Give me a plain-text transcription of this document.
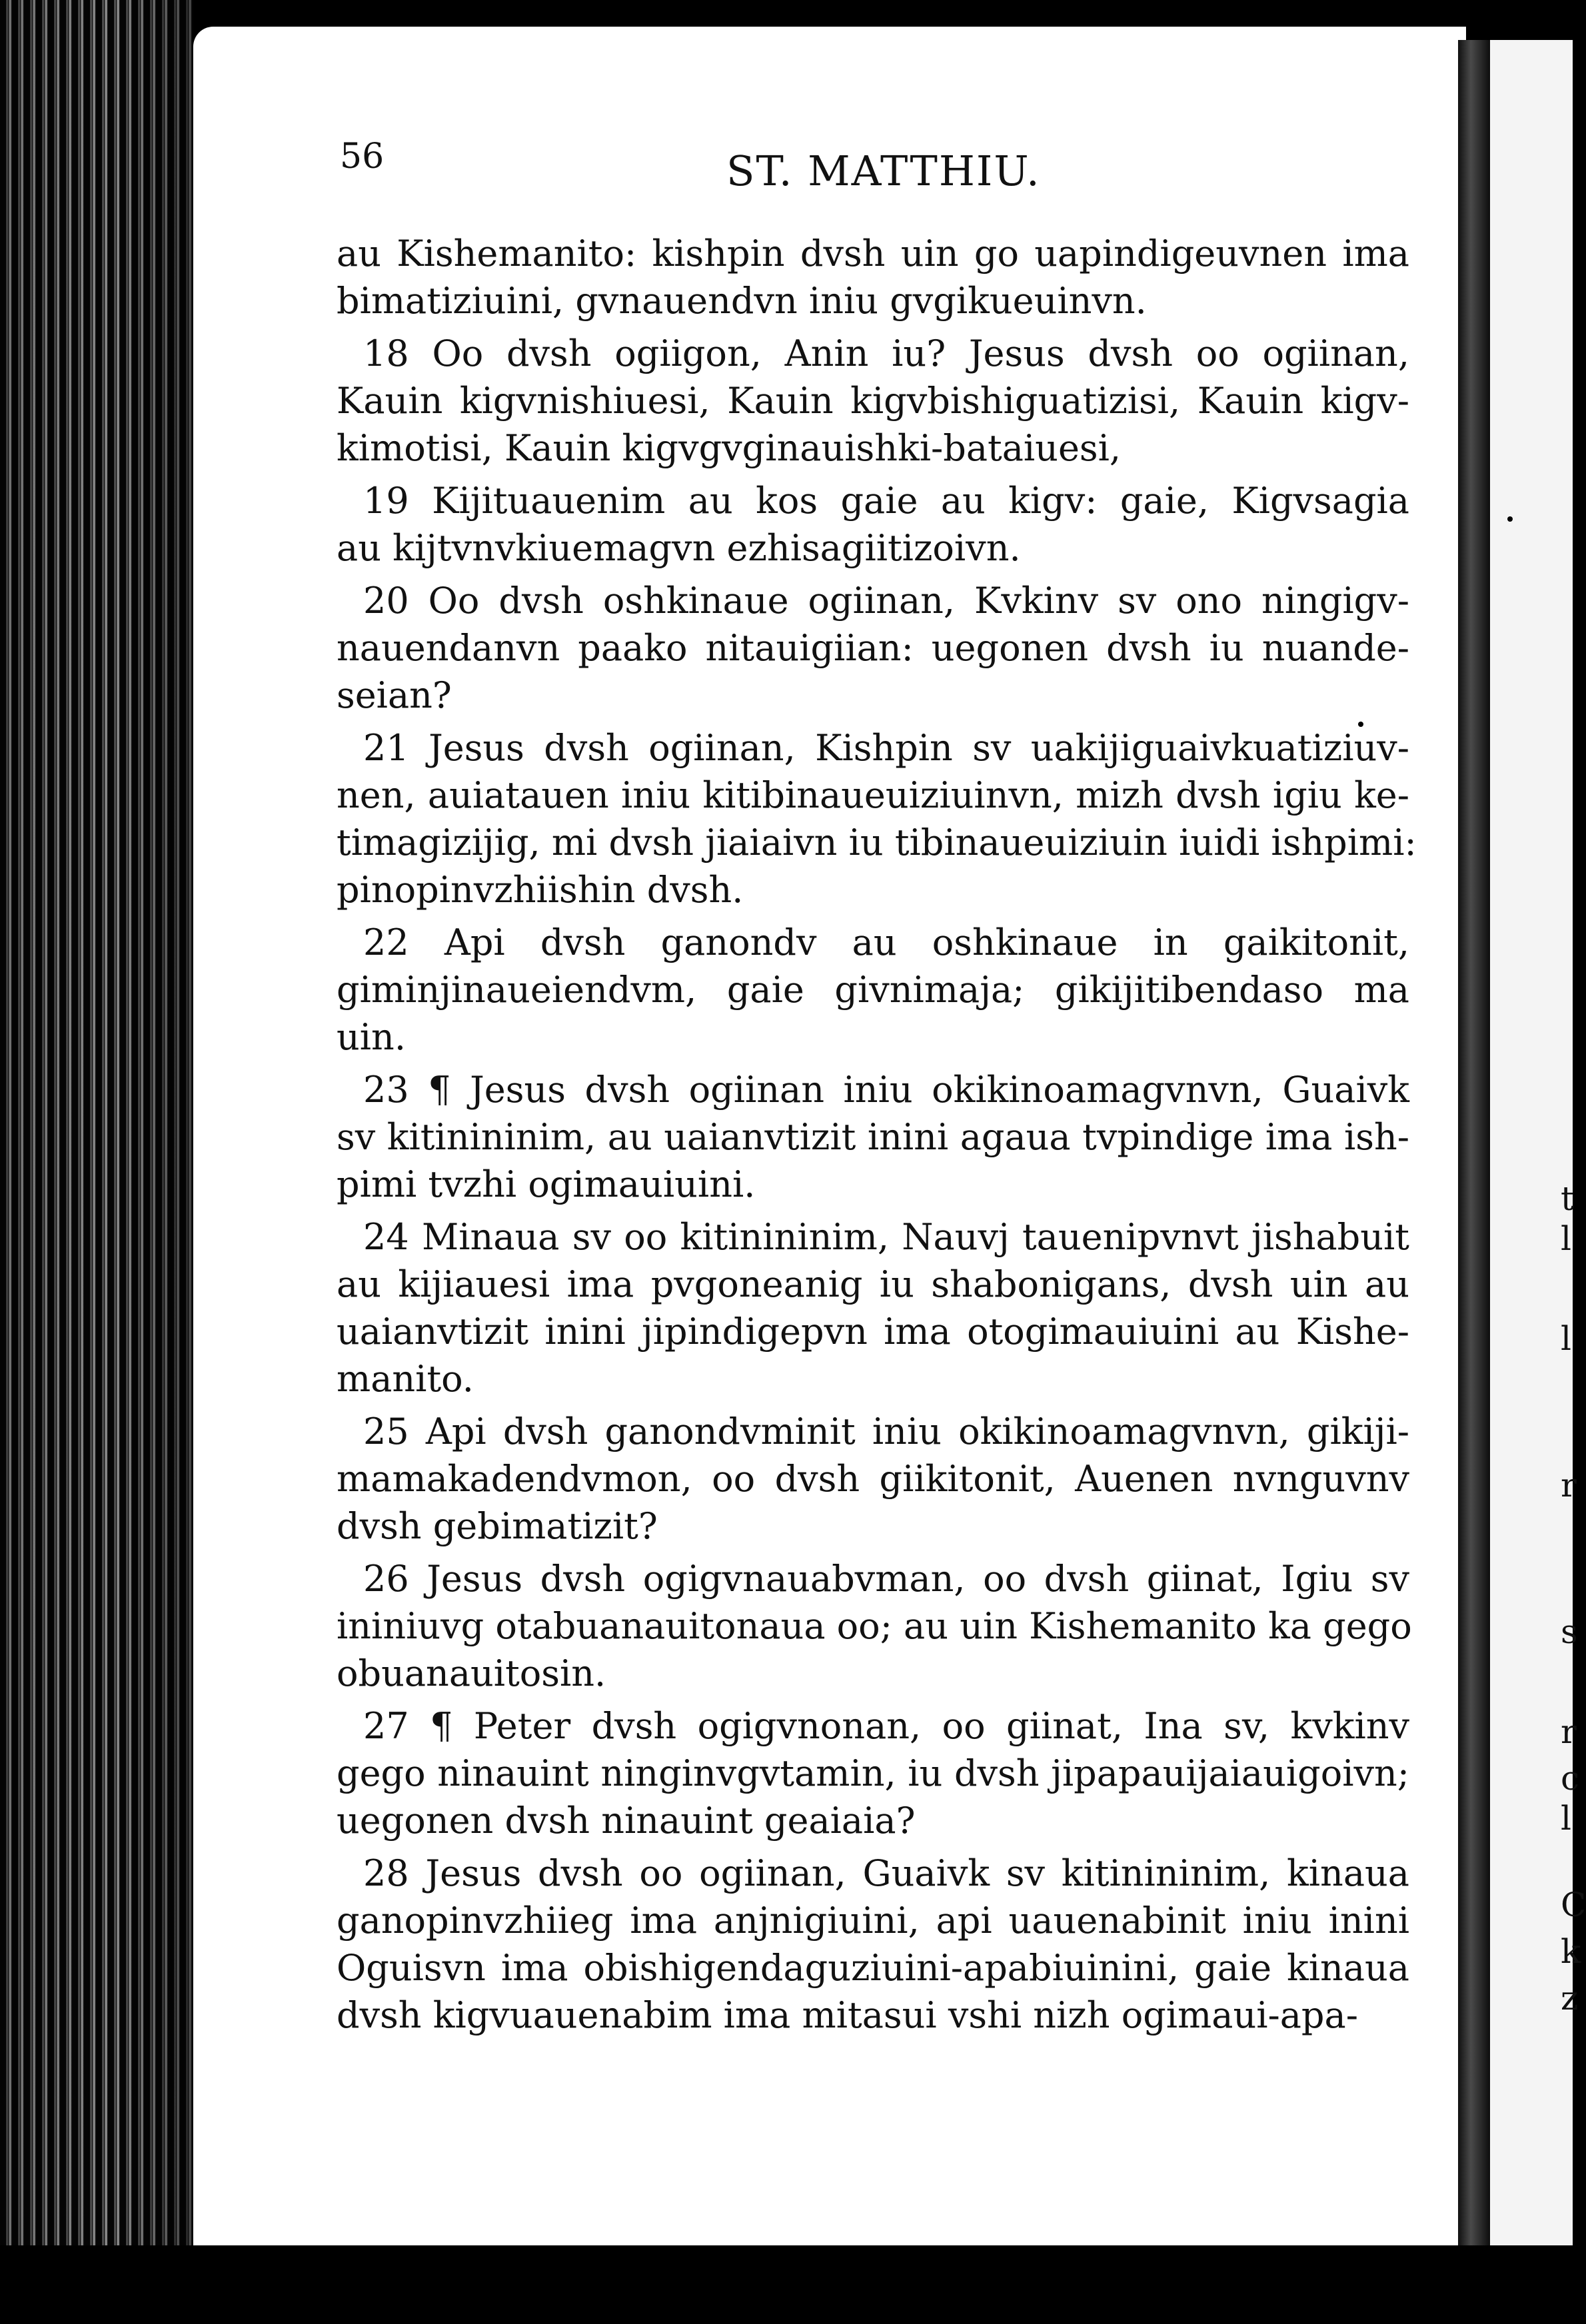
56	ST. MATTHIU.
au Kishemanito: kishpin dvsh uin go uapindigeuvnen ima
bimatiziuini, gvnauendvn iniu gvgikueuinvn.
18 Oo dvsh ogiigon, Anin iu? Jesus dvsh oo ogiinan,
Kauin kigvnishiuesi, Kauin kigvbishiguatizisi, Kauin kigv-
kimotisi, Kauin kigvgvginauishki-bataiuesi,
19 Kijituauenim au kos gaie au kigv: gaie, Kigvsagia
au kijtvnvkiuemagvn ezhisagiitizoivn.
20 Oo dvsh oshkinaue ogiinan, Kvkinv sv ono ningigv-
nauendanvn paako nitauigiian: uegonen dvsh iu nuande-
seian?
21 Jesus dvsh ogiinan, Kishpin sv uakijiguaivkuatiziuv-
nen, auiatauen iniu kitibinaueuiziuinvn, mizh dvsh igiu ke-
timagizijig, mi dvsh jiaiaivn iu tibinaueuiziuin iuidi ishpimi:
pinopinvzhiishin dvsh.
22 Api dvsh ganondv au oshkinaue in gaikitonit,
giminjinaueiendvm, gaie givnimaja; gikijitibendaso ma
uin.
23 ¶ Jesus dvsh ogiinan iniu okikinoamagvnvn, Guaivk
sv kitinininim, au uaianvtizit inini agaua tvpindige ima ish-
pimi tvzhi ogimauiuini.
24 Minaua sv oo kitinininim, Nauvj tauenipvnvt jishabuit
au kijiauesi ima pvgoneanig iu shabonigans, dvsh uin au
uaianvtizit inini jipindigepvn ima otogimauiuini au Kishe-
manito.
25 Api dvsh ganondvminit iniu okikinoamagvnvn, gikiji-
mamakadendvmon, oo dvsh giikitonit, Auenen nvnguvnv
dvsh gebimatizit?
26 Jesus dvsh ogigvnauabvman, oo dvsh giinat, Igiu sv
ininiuvg otabuanauitonaua oo; au uin Kishemanito ka gego
obuanauitosin.
27 ¶ Peter dvsh ogigvnonan, oo giinat, Ina sv, kvkinv
gego ninauint ninginvgvtamin, iu dvsh jipapauijaiauigoivn;
uegonen dvsh ninauint geaiaia?
28 Jesus dvsh oo ogiinan, Guaivk sv kitinininim, kinaua
ganopinvzhiieg ima anjnigiuini, api uauenabinit iniu inini
Oguisvn ima obishigendaguziuini-apabiuinini, gaie kinaua
dvsh kigvuauenabim ima mitasui vshi nizh ogimaui-apa-
t
l
l
r
s
r
c
l
C
k
z
